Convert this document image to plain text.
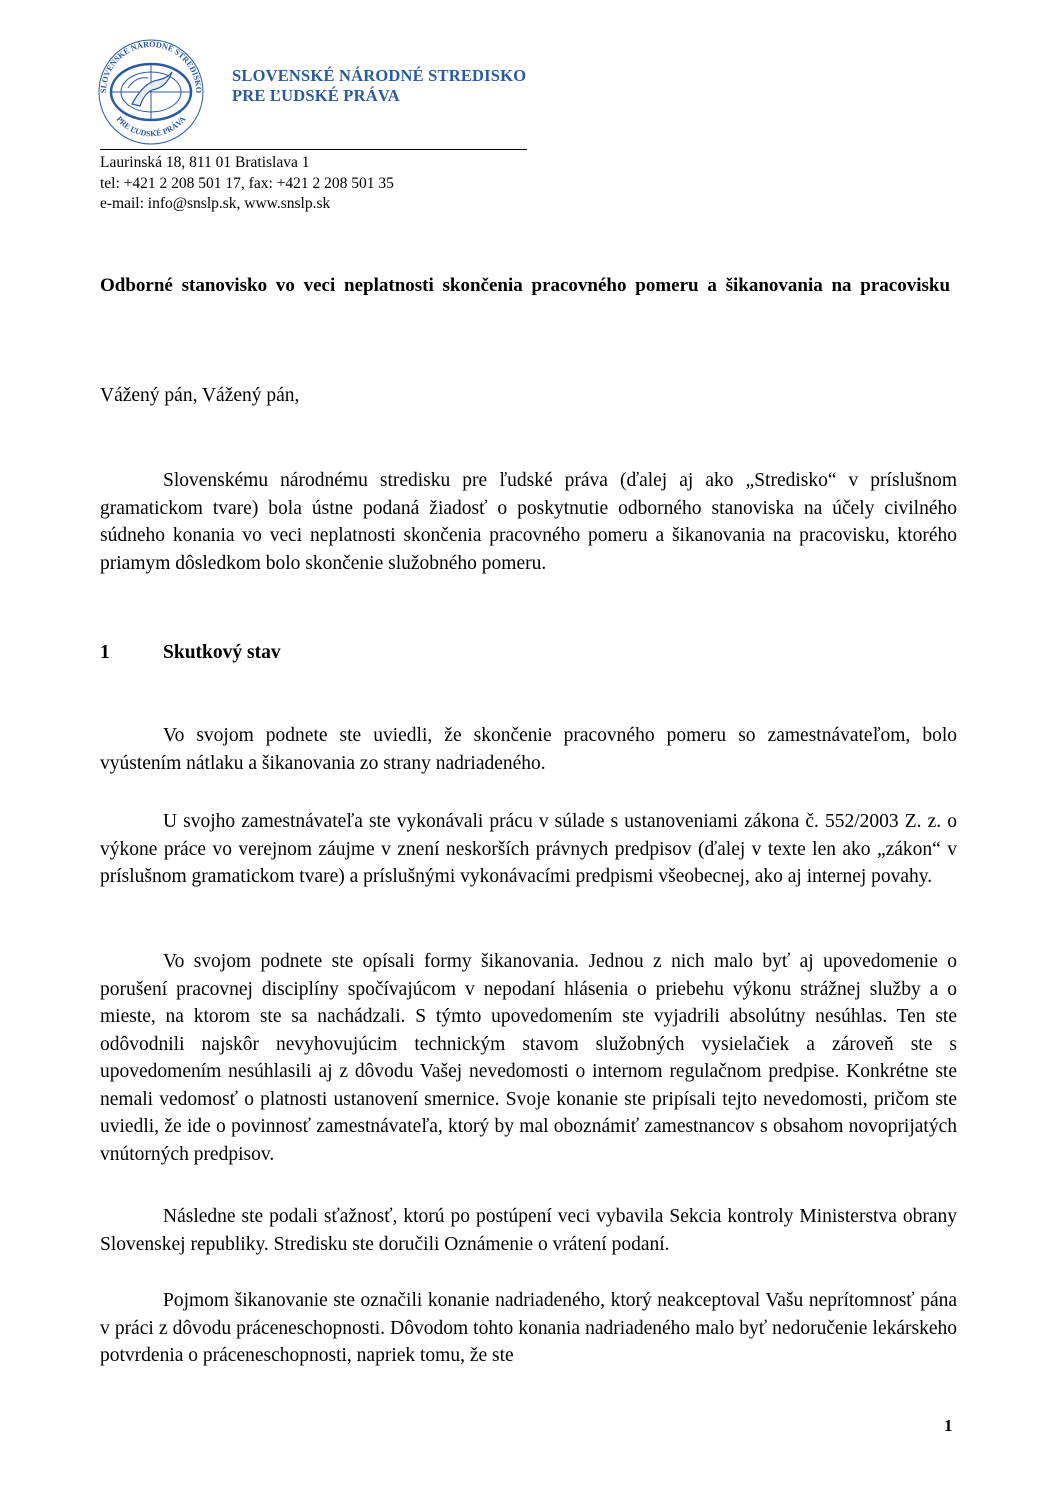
SLOVENSKÉ NÁRODNÉ STREDISKO
PRE ĽUDSKÉ PRÁVA
SLOVENSKÉ NÁRODNÉ STREDISKO
PRE ĽUDSKÉ PRÁVA
Laurinská 18, 811 01 Bratislava 1
tel: +421 2 208 501 17, fax: +421 2 208 501 35
e-mail: info@snslp.sk, www.snslp.sk
Odborné stanovisko vo veci neplatnosti skončenia pracovného pomeru a šikanovania na pracovisku
Vážený pán, Vážený pán,
Slovenskému národnému stredisku pre ľudské práva (ďalej aj ako „Stredisko“ v príslušnom gramatickom tvare) bola ústne podaná žiadosť o poskytnutie odborného stanoviska na účely civilného súdneho konania vo veci neplatnosti skončenia pracovného pomeru a šikanovania na pracovisku, ktorého priamym dôsledkom bolo skončenie služobného pomeru.
1	Skutkový stav
Vo svojom podnete ste uviedli, že skončenie pracovného pomeru so zamestnávateľom, bolo vyústením nátlaku a šikanovania zo strany nadriadeného.
U svojho zamestnávateľa ste vykonávali prácu v súlade s ustanoveniami zákona č. 552/2003 Z. z. o výkone práce vo verejnom záujme v znení neskorších právnych predpisov (ďalej v texte len ako „zákon“ v príslušnom gramatickom tvare) a príslušnými vykonávacími predpismi všeobecnej, ako aj internej povahy.
Vo svojom podnete ste opísali formy šikanovania. Jednou z nich malo byť aj upovedomenie o porušení pracovnej disciplíny spočívajúcom v nepodaní hlásenia o priebehu výkonu strážnej služby a o mieste, na ktorom ste sa nachádzali. S týmto upovedomením ste vyjadrili absolútny nesúhlas. Ten ste odôvodnili najskôr nevyhovujúcim technickým stavom služobných vysielačiek a zároveň ste s upovedomením nesúhlasili aj z dôvodu Vašej nevedomosti o internom regulačnom predpise. Konkrétne ste nemali vedomosť o platnosti ustanovení smernice. Svoje konanie ste pripísali tejto nevedomosti, pričom ste uviedli, že ide o povinnosť zamestnávateľa, ktorý by mal oboznámiť zamestnancov s obsahom novoprijatých vnútorných predpisov.
Následne ste podali sťažnosť, ktorú po postúpení veci vybavila Sekcia kontroly Ministerstva obrany Slovenskej republiky. Stredisku ste doručili Oznámenie o vrátení podaní.
Pojmom šikanovanie ste označili konanie nadriadeného, ktorý neakceptoval Vašu neprítomnosť pána v práci z dôvodu práceneschopnosti. Dôvodom tohto konania nadriadeného malo byť nedoručenie lekárskeho potvrdenia o práceneschopnosti, napriek tomu, že ste
1
